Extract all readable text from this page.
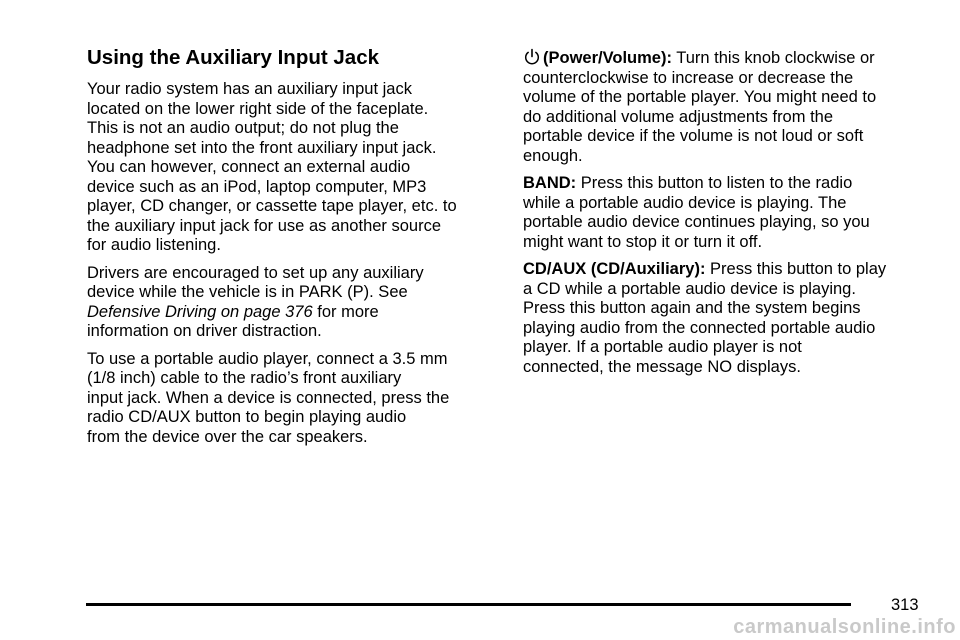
Using the Auxiliary Input Jack

Your radio system has an auxiliary input jack
located on the lower right side of the faceplate.
This is not an audio output; do not plug the
headphone set into the front auxiliary input jack.
You can however, connect an external audio
device such as an iPod, laptop computer, MP3
player, CD changer, or cassette tape player, etc. to
the auxiliary input jack for use as another source
for audio listening.

Drivers are encouraged to set up any auxiliary
device while the vehicle is in PARK (P). See
Defensive Driving on page 376 for more
information on driver distraction.

To use a portable audio player, connect a 3.5 mm
(1/8 inch) cable to the radio’s front auxiliary
input jack. When a device is connected, press the
radio CD/AUX button to begin playing audio
from the device over the car speakers.

(Power/Volume): Turn this knob clockwise or
counterclockwise to increase or decrease the
volume of the portable player. You might need to
do additional volume adjustments from the
portable device if the volume is not loud or soft
enough.

BAND: Press this button to listen to the radio
while a portable audio device is playing. The
portable audio device continues playing, so you
might want to stop it or turn it off.

CD/AUX (CD/Auxiliary): Press this button to play
a CD while a portable audio device is playing.
Press this button again and the system begins
playing audio from the connected portable audio
player. If a portable audio player is not
connected, the message NO displays.

313
carmanualsonline.info
